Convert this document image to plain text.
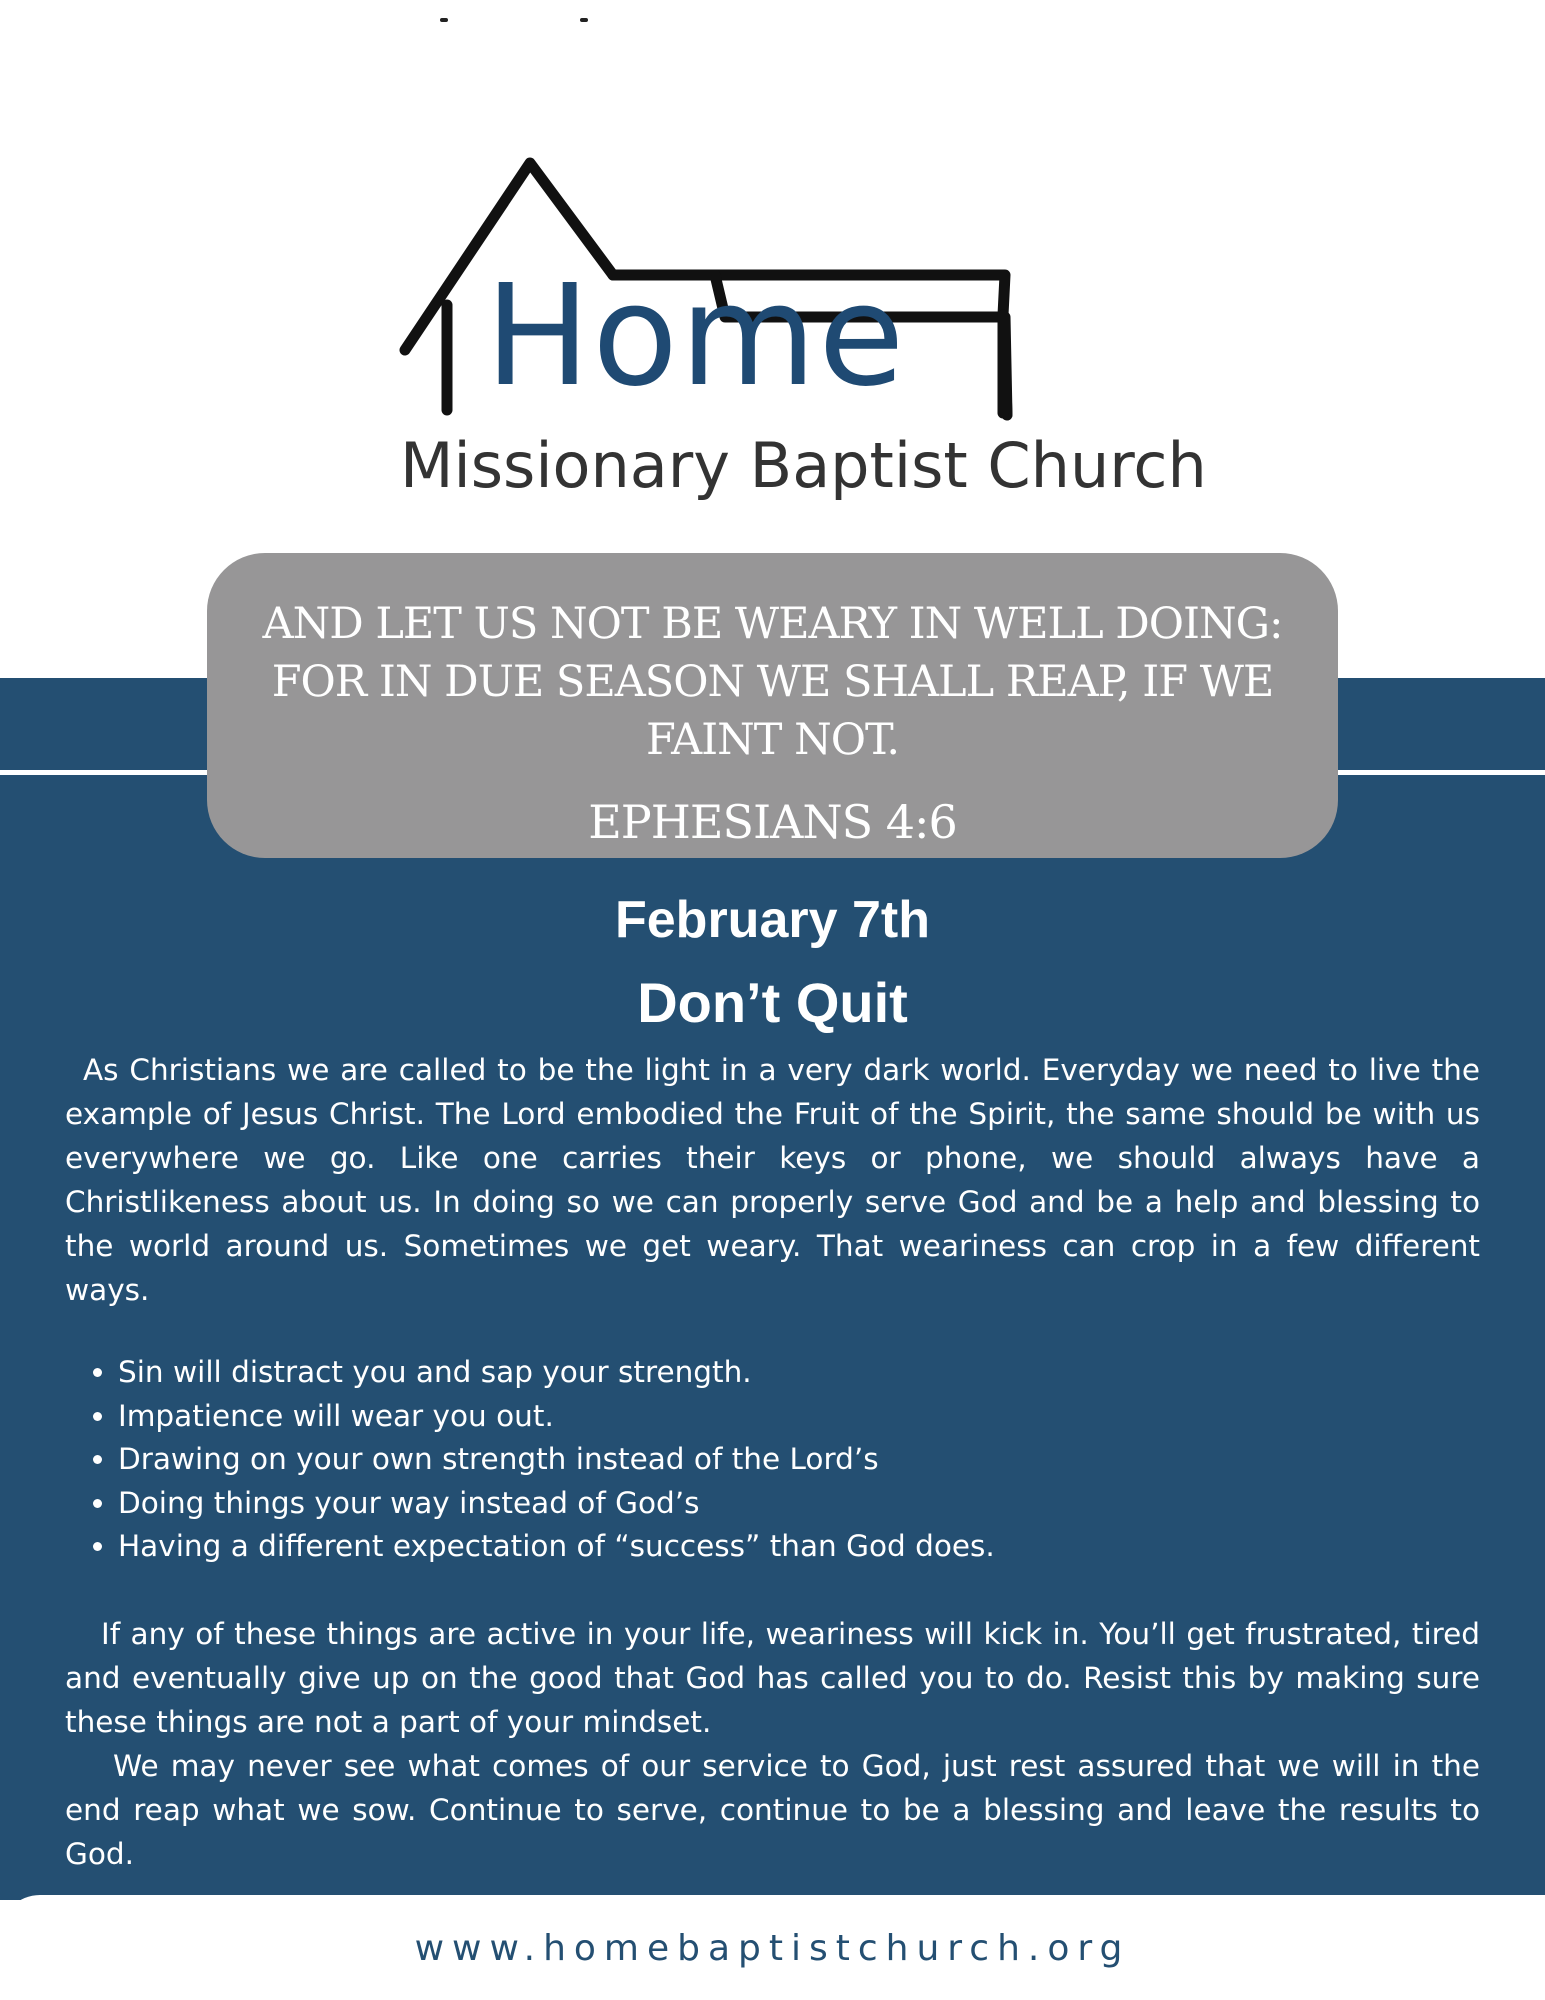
Home
Missionary Baptist Church
AND LET US NOT BE WEARY IN WELL DOING: FOR IN DUE SEASON WE SHALL REAP, IF WE FAINT NOT.
EPHESIANS 4:6
February 7th
Don’t Quit
As Christians we are called to be the light in a very dark world. Everyday we need to live the example of Jesus Christ. The Lord embodied the Fruit of the Spirit, the same should be with us everywhere we go. Like one carries their keys or phone, we should always have a Christlikeness about us. In doing so we can properly serve God and be a help and blessing to the world around us. Sometimes we get weary. That weariness can crop in a few different ways.
• Sin will distract you and sap your strength.
• Impatience will wear you out.
• Drawing on your own strength instead of the Lord’s
• Doing things your way instead of God’s
• Having a different expectation of “success” than God does.
If any of these things are active in your life, weariness will kick in. You’ll get frustrated, tired and eventually give up on the good that God has called you to do. Resist this by making sure these things are not a part of your mindset.
We may never see what comes of our service to God, just rest assured that we will in the end reap what we sow. Continue to serve, continue to be a blessing and leave the results to God.
www.homebaptistchurch.org
